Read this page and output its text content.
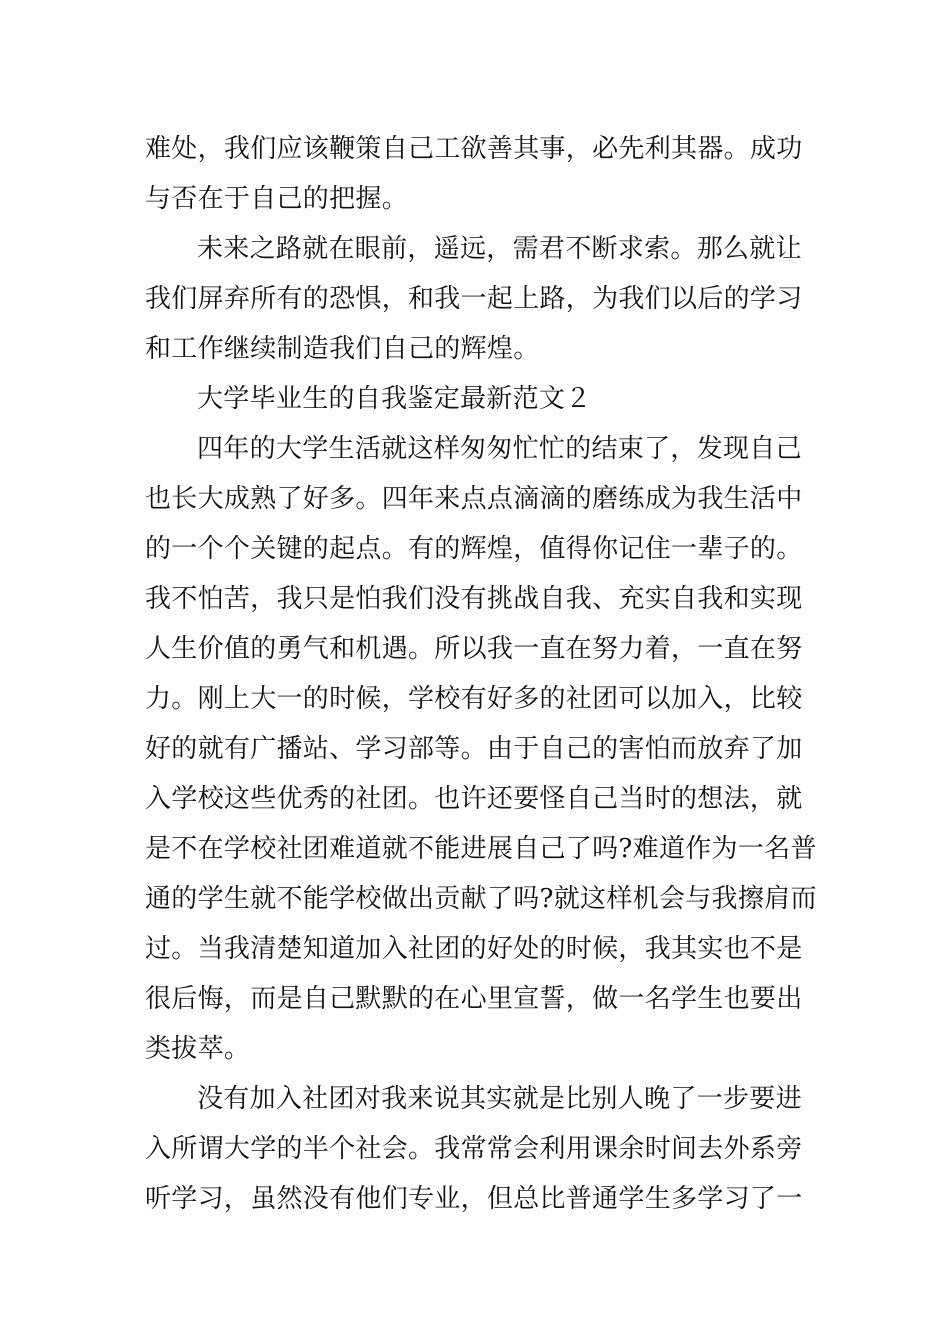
难处，我们应该鞭策自己工欲善其事，必先利其器。成功
与否在于自己的把握。
未来之路就在眼前，遥远，需君不断求索。那么就让
我们屏弃所有的恐惧，和我一起上路，为我们以后的学习
和工作继续制造我们自己的辉煌。
大学毕业生的自我鉴定最新范文２
四年的大学生活就这样匆匆忙忙的结束了，发现自己
也长大成熟了好多。四年来点点滴滴的磨练成为我生活中
的一个个关键的起点。有的辉煌，值得你记住一辈子的。
我不怕苦，我只是怕我们没有挑战自我、充实自我和实现
人生价值的勇气和机遇。所以我一直在努力着，一直在努
力。刚上大一的时候，学校有好多的社团可以加入，比较
好的就有广播站、学习部等。由于自己的害怕而放弃了加
入学校这些优秀的社团。也许还要怪自己当时的想法，就
是不在学校社团难道就不能进展自己了吗?难道作为一名普
通的学生就不能学校做出贡献了吗?就这样机会与我擦肩而
过。当我清楚知道加入社团的好处的时候，我其实也不是
很后悔，而是自己默默的在心里宣誓，做一名学生也要出
类拔萃。
没有加入社团对我来说其实就是比别人晚了一步要进
入所谓大学的半个社会。我常常会利用课余时间去外系旁
听学习，虽然没有他们专业，但总比普通学生多学习了一
